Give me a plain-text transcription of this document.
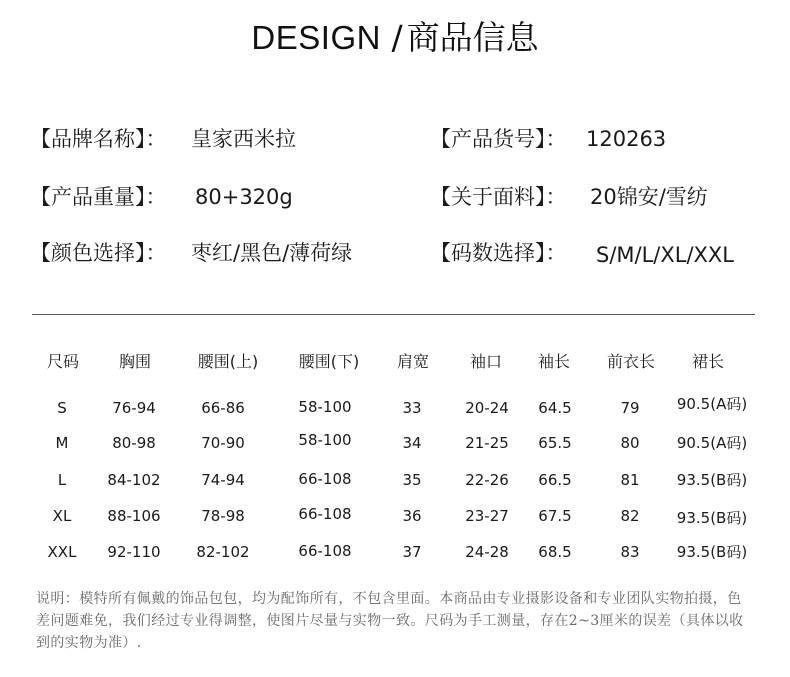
DESIGN / 商品信息
【品牌名称】： 皇家西米拉	【产品货号】： 120263
【产品重量】： 80+320g	【关于面料】： 20锦安/雪纺
【颜色选择】： 枣红/黑色/薄荷绿	【码数选择】： S/M/L/XL/XXL
尺码	胸围	腰围(上)	腰围(下)	肩宽	袖口	袖长	前衣长	裙长
S	76-94	66-86	58-100	33	20-24	64.5	79	90.5(A码)
M	80-98	70-90	58-100	34	21-25	65.5	80	90.5(A码)
L	84-102	74-94	66-108	35	22-26	66.5	81	93.5(B码)
XL	88-106	78-98	66-108	36	23-27	67.5	82	93.5(B码)
XXL	92-110	82-102	66-108	37	24-28	68.5	83	93.5(B码)
说明：模特所有佩戴的饰品包包，均为配饰所有，不包含里面。本商品由专业摄影设备和专业团队实物拍摄，色差问题难免，我们经过专业得调整，使图片尽量与实物一致。尺码为手工测量，存在2~3厘米的误差（具体以收到的实物为准）.
